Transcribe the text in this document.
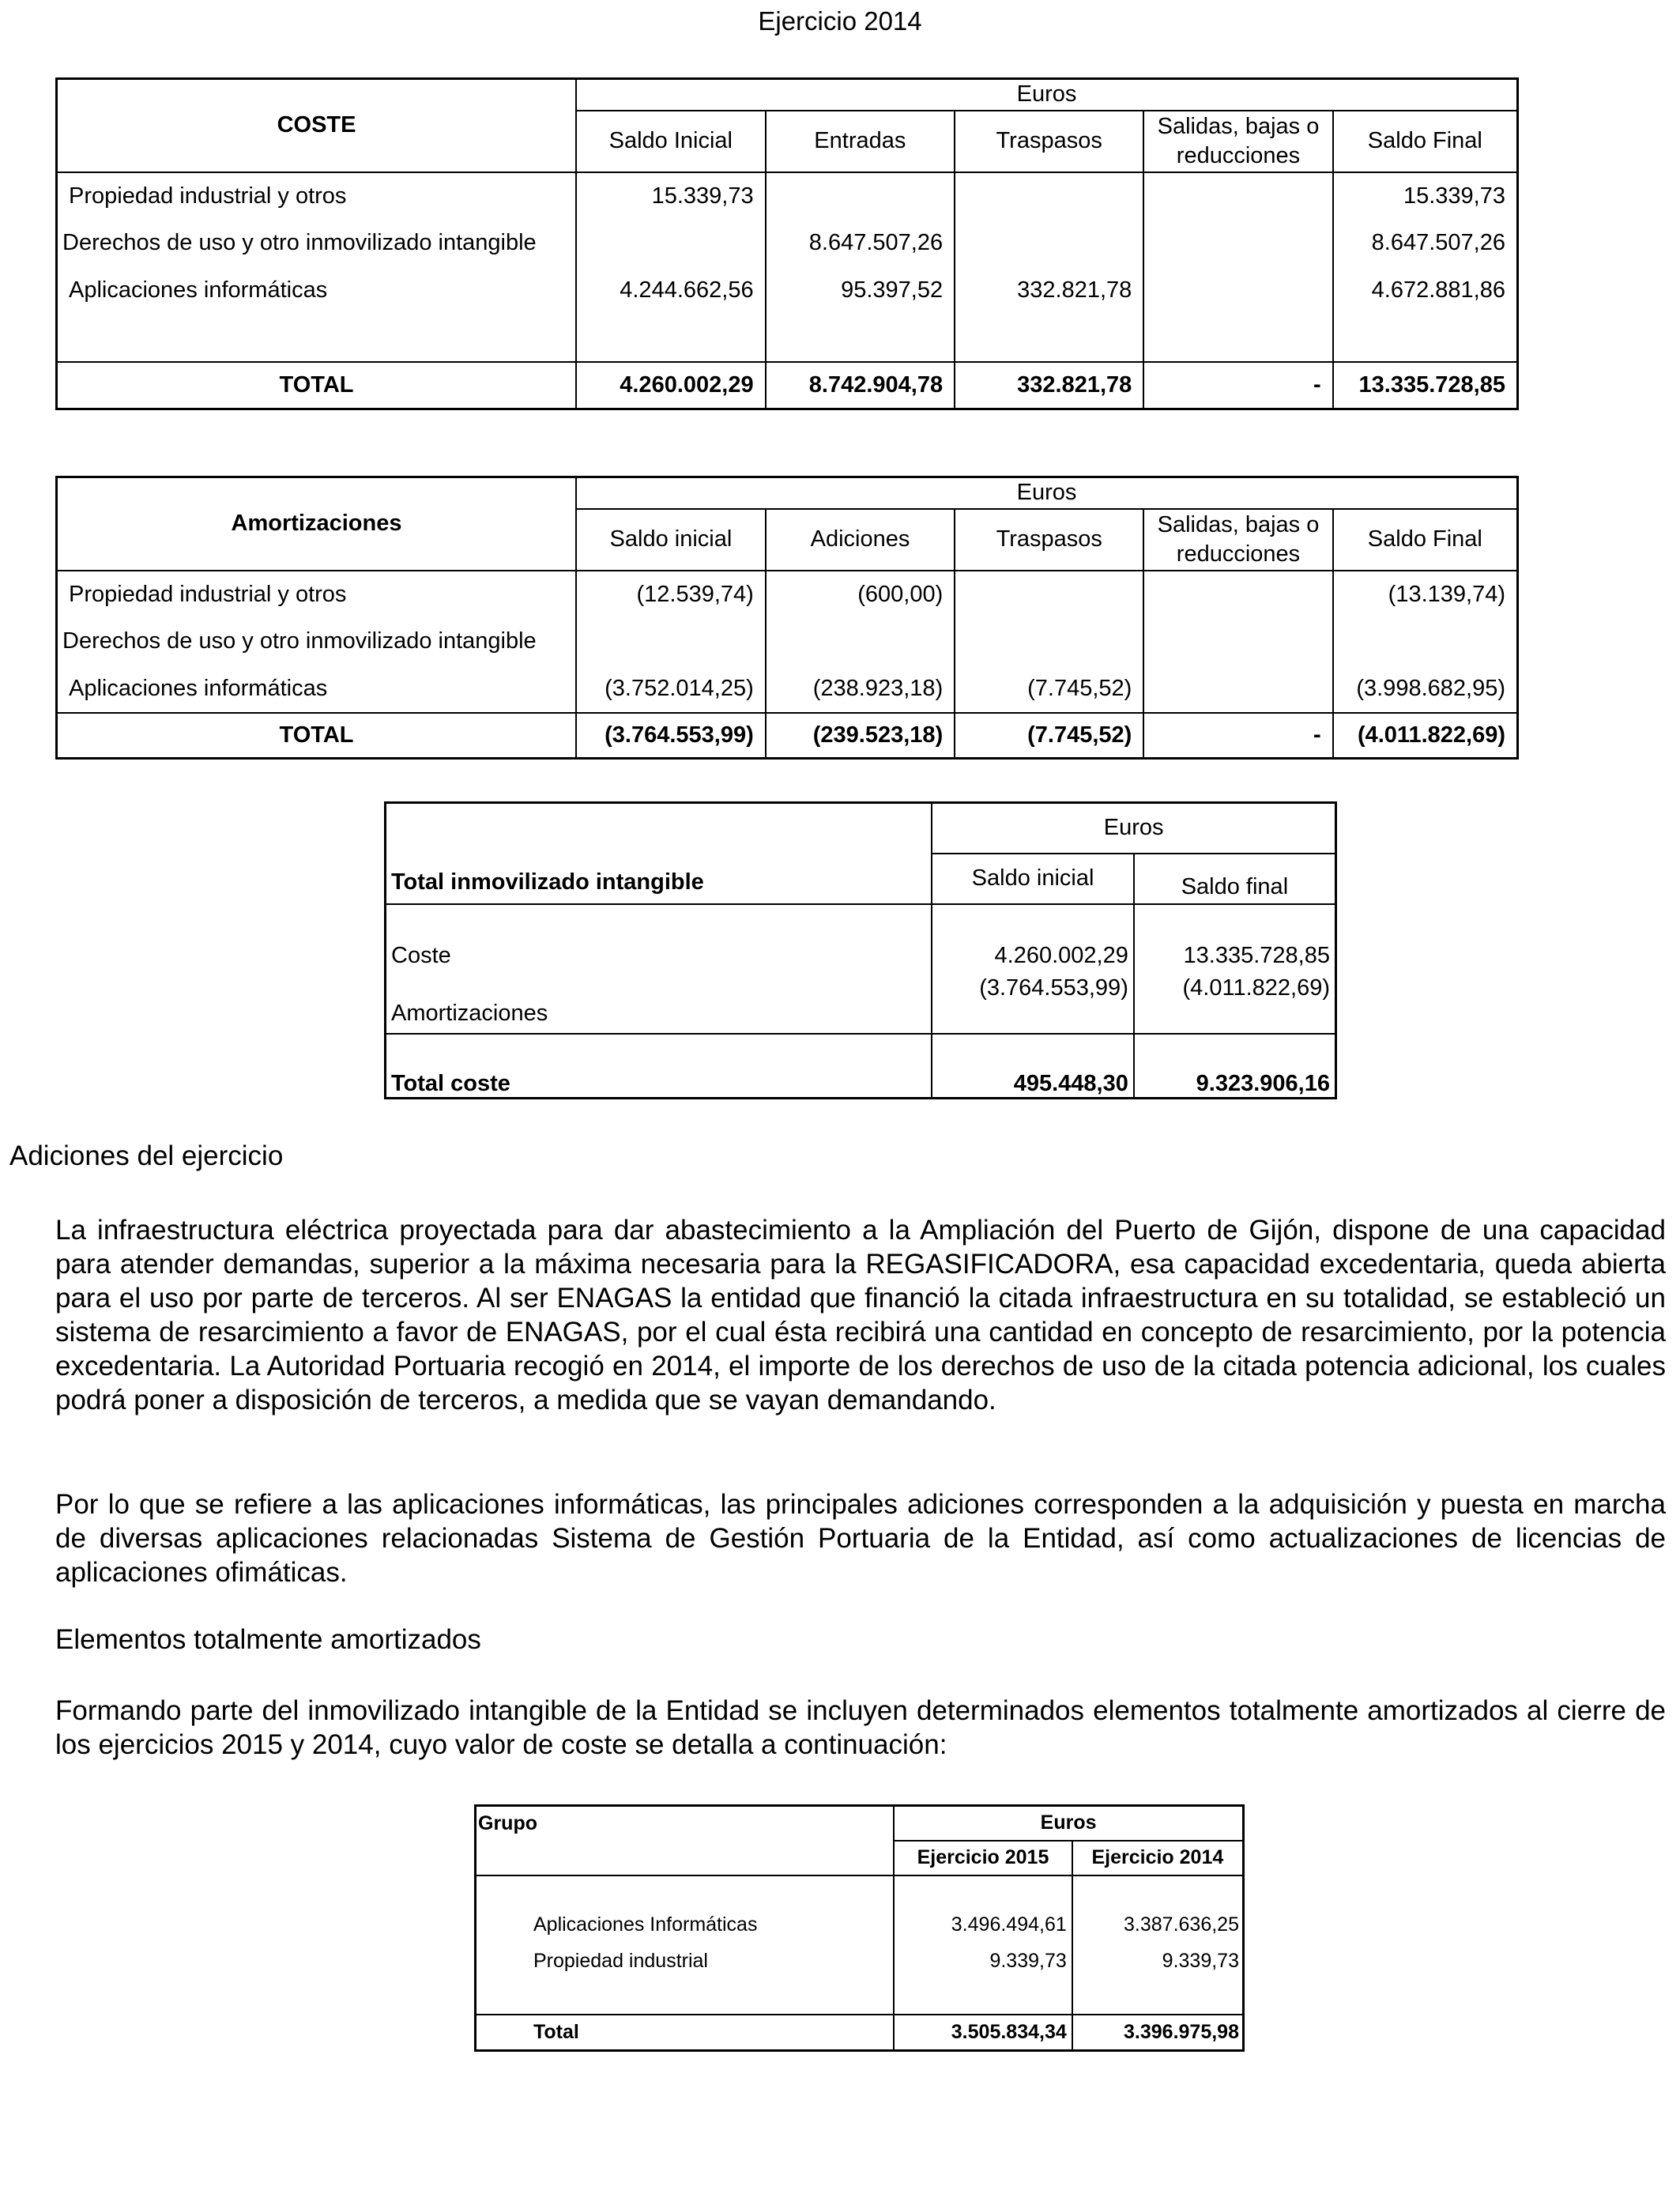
Ejercicio 2014
COSTE	Euros				
	Saldo Inicial	Entradas	Traspasos	Salidas, bajas o reducciones	Saldo Final
Propiedad industrial y otros	15.339,73				15.339,73
Derechos de uso y otro inmovilizado intangible		8.647.507,26			8.647.507,26
Aplicaciones informáticas	4.244.662,56	95.397,52	332.821,78		4.672.881,86

TOTAL	4.260.002,29	8.742.904,78	332.821,78	-	13.335.728,85
Amortizaciones	Euros				
	Saldo inicial	Adiciones	Traspasos	Salidas, bajas o reducciones	Saldo Final
Propiedad industrial y otros	(12.539,74)	(600,00)			(13.139,74)
Derechos de uso y otro inmovilizado intangible					
Aplicaciones informáticas	(3.752.014,25)	(238.923,18)	(7.745,52)		(3.998.682,95)
TOTAL	(3.764.553,99)	(239.523,18)	(7.745,52)	-	(4.011.822,69)
Total inmovilizado intangible	Euros	
	Saldo inicial	Saldo final
Coste	4.260.002,29	13.335.728,85
Amortizaciones	(3.764.553,99)	(4.011.822,69)
Total coste	495.448,30	9.323.906,16

Adiciones del ejercicio

La infraestructura eléctrica proyectada para dar abastecimiento a la Ampliación del Puerto de Gijón, dispone de una capacidad para atender demandas, superior a la máxima necesaria para la REGASIFICADORA, esa capacidad excedentaria, queda abierta para el uso por parte de terceros. Al ser ENAGAS la entidad que financió la citada infraestructura en su totalidad, se estableció un sistema de resarcimiento a favor de ENAGAS, por el cual ésta recibirá una cantidad en concepto de resarcimiento, por la potencia excedentaria. La Autoridad Portuaria recogió en 2014, el importe de los derechos de uso de la citada potencia adicional, los cuales podrá poner a disposición de terceros, a medida que se vayan demandando.

Por lo que se refiere a las aplicaciones informáticas, las principales adiciones corresponden a la adquisición y puesta en marcha de diversas aplicaciones relacionadas Sistema de Gestión Portuaria de la Entidad, así como actualizaciones de licencias de aplicaciones ofimáticas.

Elementos totalmente amortizados

Formando parte del inmovilizado intangible de la Entidad se incluyen determinados elementos totalmente amortizados al cierre de los ejercicios 2015 y 2014, cuyo valor de coste se detalla a continuación:

Grupo	Euros	
	Ejercicio 2015	Ejercicio 2014

Aplicaciones Informáticas	3.496.494,61	3.387.636,25
Propiedad industrial	9.339,73	9.339,73

Total	3.505.834,34	3.396.975,98
